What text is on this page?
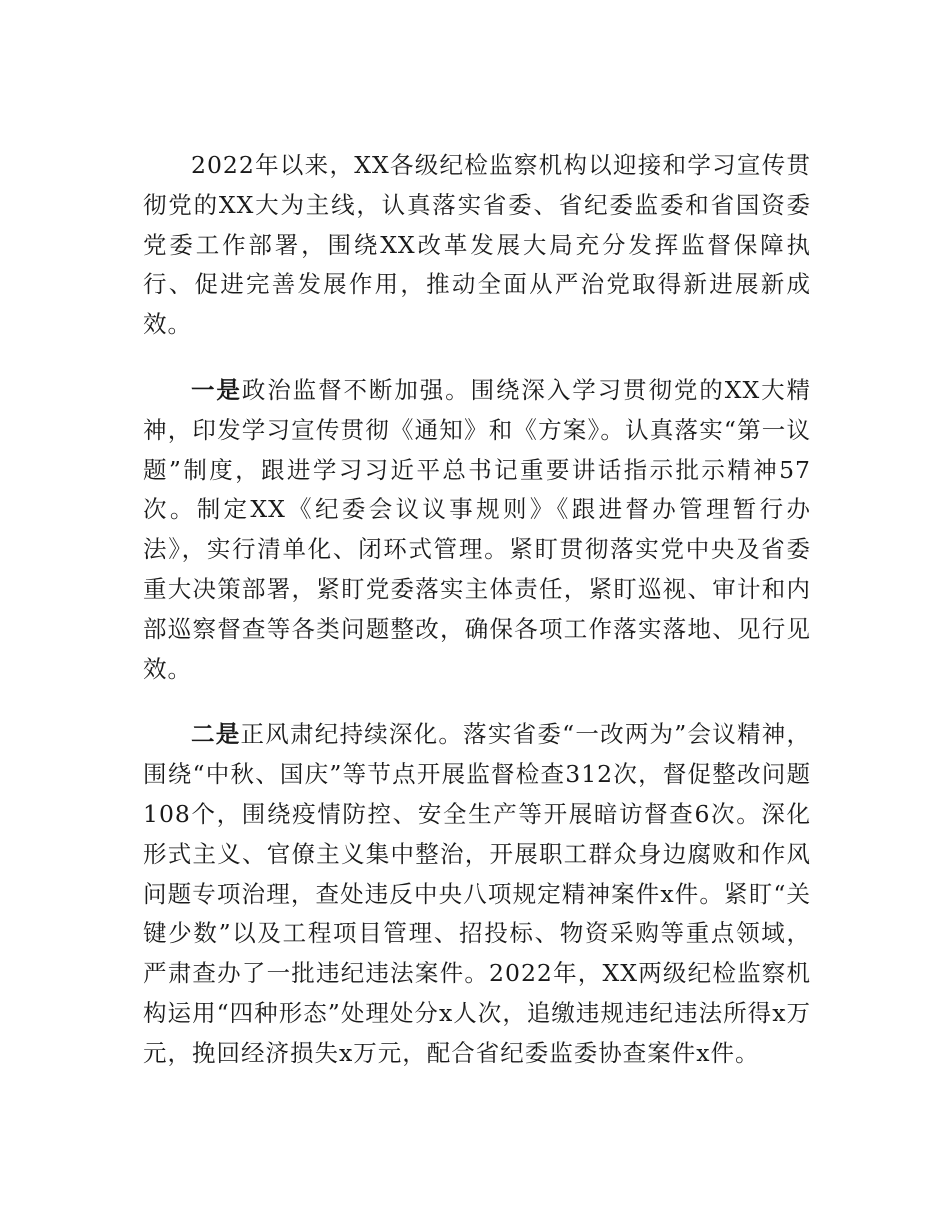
2022年以来，XX各级纪检监察机构以迎接和学习宣传贯彻党的XX大为主线，认真落实省委、省纪委监委和省国资委党委工作部署，围绕XX改革发展大局充分发挥监督保障执行、促进完善发展作用，推动全面从严治党取得新进展新成效。

一是政治监督不断加强。围绕深入学习贯彻党的XX大精神，印发学习宣传贯彻《通知》和《方案》。认真落实“第一议题”制度，跟进学习习近平总书记重要讲话指示批示精神57次。制定XX《纪委会议议事规则》《跟进督办管理暂行办法》，实行清单化、闭环式管理。紧盯贯彻落实党中央及省委重大决策部署，紧盯党委落实主体责任，紧盯巡视、审计和内部巡察督查等各类问题整改，确保各项工作落实落地、见行见效。

二是正风肃纪持续深化。落实省委“一改两为”会议精神，围绕“中秋、国庆”等节点开展监督检查312次，督促整改问题108个，围绕疫情防控、安全生产等开展暗访督查6次。深化形式主义、官僚主义集中整治，开展职工群众身边腐败和作风问题专项治理，查处违反中央八项规定精神案件x件。紧盯“关键少数”以及工程项目管理、招投标、物资采购等重点领域，严肃查办了一批违纪违法案件。2022年，XX两级纪检监察机构运用“四种形态”处理处分x人次，追缴违规违纪违法所得x万元，挽回经济损失x万元，配合省纪委监委协查案件x件。
